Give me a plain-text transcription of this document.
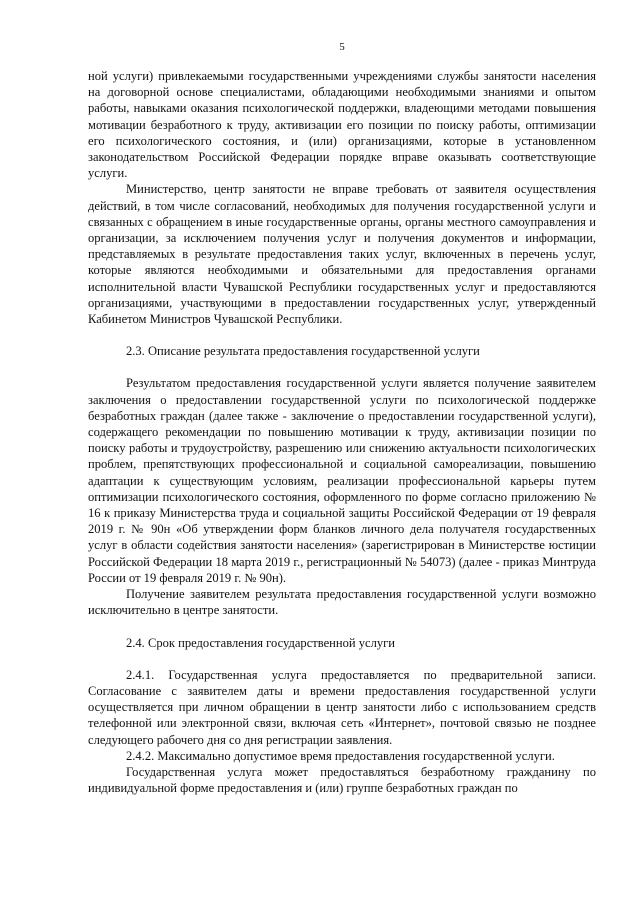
5

ной услуги) привлекаемыми государственными учреждениями службы занятости населения на договорной основе специалистами, обладающими необходимыми знаниями и опытом работы, навыками оказания психологической поддержки, владеющими методами повышения мотивации безработного к труду, активизации его позиции по поиску работы, оптимизации его психологического состояния, и (или) организациями, которые в установленном законодательством Российской Федерации порядке вправе оказывать соответствующие услуги.

Министерство, центр занятости не вправе требовать от заявителя осуществления действий, в том числе согласований, необходимых для получения государственной услуги и связанных с обращением в иные государственные органы, органы местного самоуправления и организации, за исключением получения услуг и получения документов и информации, представляемых в результате предоставления таких услуг, включенных в перечень услуг, которые являются необходимыми и обязательными для предоставления органами исполнительной власти Чувашской Республики государственных услуг и предоставляются организациями, участвующими в предоставлении государственных услуг, утвержденный Кабинетом Министров Чувашской Республики.

2.3. Описание результата предоставления государственной услуги

Результатом предоставления государственной услуги является получение заявителем заключения о предоставлении государственной услуги по психологической поддержке безработных граждан (далее также - заключение о предоставлении государственной услуги), содержащего рекомендации по повышению мотивации к труду, активизации позиции по поиску работы и трудоустройству, разрешению или снижению актуальности психологических проблем, препятствующих профессиональной и социальной самореализации, повышению адаптации к существующим условиям, реализации профессиональной карьеры путем оптимизации психологического состояния, оформленного по форме согласно приложению № 16 к приказу Министерства труда и социальной защиты Российской Федерации от 19 февраля 2019 г. № 90н «Об утверждении форм бланков личного дела получателя государственных услуг в области содействия занятости населения» (зарегистрирован в Министерстве юстиции Российской Федерации 18 марта 2019 г., регистрационный № 54073) (далее - приказ Минтруда России от 19 февраля 2019 г. № 90н).

Получение заявителем результата предоставления государственной услуги возможно исключительно в центре занятости.

2.4. Срок предоставления государственной услуги

2.4.1. Государственная услуга предоставляется по предварительной записи. Согласование с заявителем даты и времени предоставления государственной услуги осуществляется при личном обращении в центр занятости либо с использованием средств телефонной или электронной связи, включая сеть «Интернет», почтовой связью не позднее следующего рабочего дня со дня регистрации заявления.

2.4.2. Максимально допустимое время предоставления государственной услуги.

Государственная услуга может предоставляться безработному гражданину по индивидуальной форме предоставления и (или) группе безработных граждан по
